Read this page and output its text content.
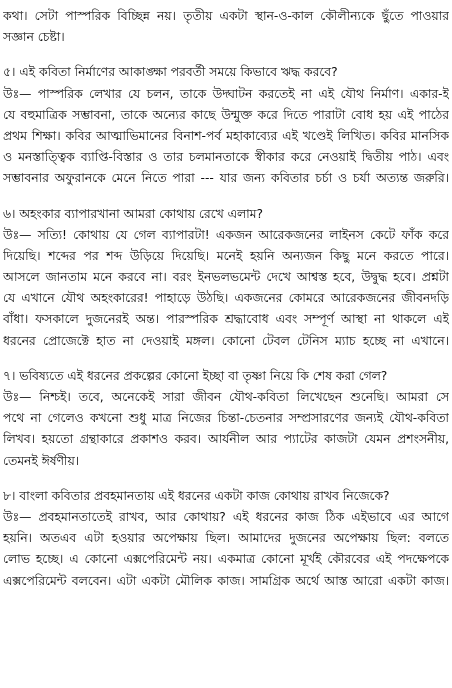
কথা। সেটা পাস্পরিক বিচ্ছিন্ন নয়। তৃতীয় একটা স্থান-ও-কাল কৌলীন্যকে ছুঁতে পাওয়ার
সজ্ঞান চেষ্টা।
৫। এই কবিতা নির্মাণের আকাঙ্ক্ষা পরবর্তী সময়ে কিভাবে ঋদ্ধ করবে?
উঃ— পাস্পরিক লেখার যে চলন, তাকে উদ্ঘাটন করতেই না এই যৌথ নির্মাণ। একার-ই
যে বহুমাত্রিক সম্ভাবনা, তাকে অন্যের কাছে উন্মুক্ত করে দিতে পারাটা বোধ হয় এই পাঠের
প্রথম শিক্ষা। কবির আত্মাভিমানের বিনাশ-পর্ব মহাকাব্যের এই খণ্ডেই লিখিত। কবির মানসিক
ও মনস্তাত্ত্বিক ব্যাপ্তি-বিস্তার ও তার চলমানতাকে স্বীকার করে নেওয়াই দ্বিতীয় পাঠ। এবং
সম্ভাবনার অফুরানকে মেনে নিতে পারা --- যার জন্য কবিতার চর্চা ও চর্যা অত্যন্ত জরুরি।
৬। অহংকার ব্যাপারখানা আমরা কোথায় রেখে এলাম?
উঃ— সত্যি! কোথায় যে গেল ব্যাপারটা! একজন আরেকজনের লাইনস কেটে ফাঁক করে
দিয়েছি। শব্দের পর শব্দ উড়িয়ে দিয়েছি। মনেই হয়নি অন্যজন কিছু মনে করতে পারে।
আসলে জানতাম মনে করবে না। বরং ইনভলভমেন্ট দেখে আশ্বস্ত হবে, উদ্বুদ্ধ হবে। প্রশ্নটা
যে এখানে যৌথ অহংকারের! পাহাড়ে উঠছি। একজনের কোমরে আরেকজনের জীবনদড়ি
বাঁধা। ফসকালে দুজনেরই অন্ত। পারস্পরিক শ্রদ্ধাবোধ এবং সম্পূর্ণ আস্থা না থাকলে এই
ধরনের প্রোজেক্টে হাত না দেওয়াই মঙ্গল। কোনো টেবল টেনিস ম্যাচ হচ্ছে না এখানে।
৭। ভবিষ্যতে এই ধরনের প্রকল্পের কোনো ইচ্ছা বা তৃষ্ণা নিয়ে কি শেষ করা গেল?
উঃ— নিশ্চই। তবে, অনেকেই সারা জীবন যৌথ-কবিতা লিখেছেন শুনেছি। আমরা সে
পথে না গেলেও কখনো শুধু মাত্র নিজের চিন্তা-চেতনার সম্প্রসারণের জন্যই যৌথ-কবিতা
লিখব। হয়তো গ্রন্থাকারে প্রকাশও করব। আর্যনীল আর প্যাটের কাজটা যেমন প্রশংসনীয়,
তেমনই ঈর্ষণীয়।
৮। বাংলা কবিতার প্রবহমানতায় এই ধরনের একটা কাজ কোথায় রাখব নিজেকে?
উঃ— প্রবহমানতাতেই রাখব, আর কোথায়? এই ধরনের কাজ ঠিক এইভাবে এর আগে
হয়নি। অতএব এটা হওয়ার অপেক্ষায় ছিল। আমাদের দুজনের অপেক্ষায় ছিল: বলতে
লোভ হচ্ছে। এ কোনো এক্সপেরিমেন্ট নয়। একমাত্র কোনো মূর্খই কৌরবের এই পদক্ষেপকে
এক্সপেরিমেন্ট বলবেন। এটা একটা মৌলিক কাজ। সামগ্রিক অর্থে আস্ত আরো একটা কাজ।
